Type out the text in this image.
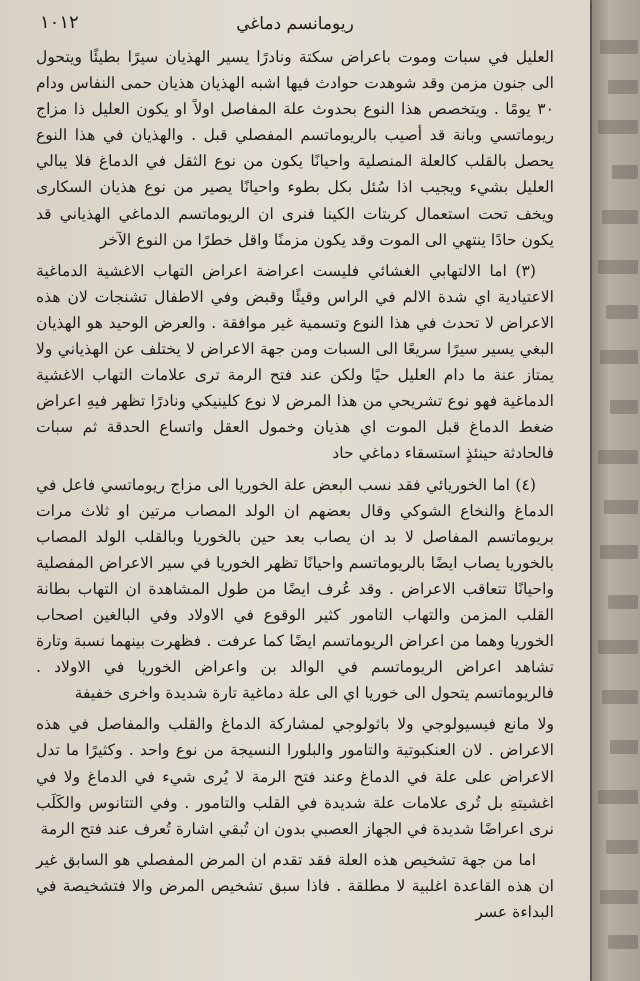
ريومانسم دماغي
١٠١٢

العليل في سبات وموت باعراض سكتة ونادرًا يسير الهذيان سيرًا بطيئًا ويتحول الى جنون مزمن وقد شوهدت حوادث فيها اشبه الهذيان هذيان حمى النفاس ودام ٣٠ يومًا . ويتخصص هذا النوع بحدوث علة المفاصل اولاً او يكون العليل ذا مزاج ريوماتسي وبانة قد أصيب بالريوماتسم المفصلي قبل . والهذيان في هذا النوع يحصل بالقلب كالعلة المنصلية واحيانًا يكون من نوع الثقل في الدماغ فلا يبالي العليل بشيء ويجيب اذا سُئل بكل بطوء واحيانًا يصير من نوع هذيان السكارى ويخف تحت استعمال كربتات الكينا فنرى ان الريوماتسم الدماغي الهذياني قد يكون حادًا ينتهي الى الموت وقد يكون مزمنًا واقل خطرًا من النوع الآخر

(٣) اما الالتهابي الغشائي فليست اعراضة اعراض التهاب الاغشية الدماغية الاعتيادية اي شدة الالم في الراس وقيئًا وقبض وفي الاطفال تشنجات لان هذه الاعراض لا تحدث في هذا النوع وتسمية غير موافقة . والعرض الوحيد هو الهذيان البغي يسير سيرًا سريعًا الى السبات ومن جهة الاعراض لا يختلف عن الهذياني ولا يمتاز عنة ما دام العليل حيًا ولكن عند فتح الرمة ترى علامات التهاب الاغشية الدماغية فهو نوع تشريحي من هذا المرض لا نوع كلينيكي ونادرًا تظهر فيهِ اعراض ضغط الدماغ قبل الموت اي هذيان وخمول العقل واتساع الحدقة ثم سبات فالحادثة حينئذٍ استسقاء دماغي حاد

(٤) اما الخوريائي فقد نسب البعض علة الخوريا الى مزاج ريوماتسي فاعل في الدماغ والنخاع الشوكي وقال بعضهم ان الولد المصاب مرتين او ثلاث مرات بريوماتسم المفاصل لا بد ان يصاب بعد حين بالخوريا وبالقلب الولد المصاب بالخوريا يصاب ايضًا بالريوماتسم واحيانًا تظهر الخوريا في سير الاعراض المفصلية واحيانًا تتعاقب الاعراض . وقد عُرف ايضًا من طول المشاهدة ان التهاب بطانة القلب المزمن والتهاب التامور كثير الوقوع في الاولاد وفي البالغين اصحاب الخوريا وهما من اعراض الريوماتسم ايضًا كما عرفت . فظهرت بينهما نسبة وتارة تشاهد اعراض الريوماتسم في الوالد بن واعراض الخوريا في الاولاد . فالريوماتسم يتحول الى خوريا اي الى علة دماغية تارة شديدة واخرى خفيفة

ولا مانع فيسيولوجي ولا باثولوجي لمشاركة الدماغ والقلب والمفاصل في هذه الاعراض . لان العنكبوتية والتامور والبلورا النسيجة من نوع واحد . وكثيرًا ما تدل الاعراض على علة في الدماغ وعند فتح الرمة لا يُرى شيء في الدماغ ولا في اغشيتهِ بل تُرى علامات علة شديدة في القلب والتامور . وفي التتانوس والكَلَب نرى اعراضًا شديدة في الجهاز العصبي بدون ان تُبقي اشارة تُعرف عند فتح الرمة

اما من جهة تشخيص هذه العلة فقد تقدم ان المرض المفصلي هو السابق غير ان هذه القاعدة اغلبية لا مطلقة . فاذا سبق تشخيص المرض والا فتشخيصة في البداءة عسر
